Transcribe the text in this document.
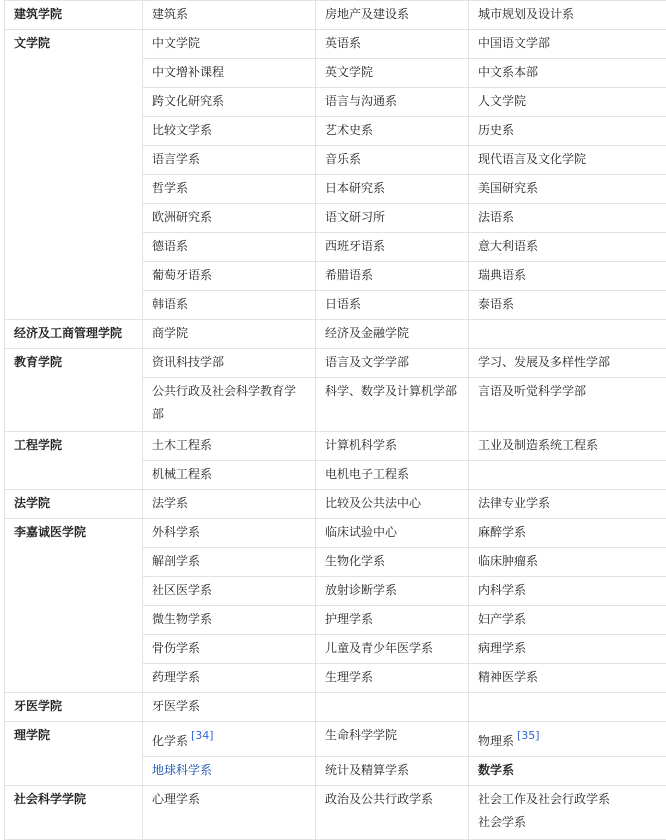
建筑学院	建筑系	房地产及建设系	城市规划及设计系
文学院	中文学院	英语系	中国语文学部
	中文增补课程	英文学院	中文系本部
	跨文化研究系	语言与沟通系	人文学院
	比较文学系	艺术史系	历史系
	语言学系	音乐系	现代语言及文化学院
	哲学系	日本研究系	美国研究系
	欧洲研究系	语文研习所	法语系
	德语系	西班牙语系	意大利语系
	葡萄牙语系	希腊语系	瑞典语系
	韩语系	日语系	泰语系
经济及工商管理学院	商学院	经济及金融学院	
教育学院	资讯科技学部	语言及文学学部	学习、发展及多样性学部
	公共行政及社会科学教育学部	科学、数学及计算机学部	言语及听觉科学学部
工程学院	土木工程系	计算机科学系	工业及制造系统工程系
	机械工程系	电机电子工程系	
法学院	法学系	比较及公共法中心	法律专业学系
李嘉诚医学院	外科学系	临床试验中心	麻醉学系
	解剖学系	生物化学系	临床肿瘤系
	社区医学系	放射诊断学系	内科学系
	微生物学系	护理学系	妇产学系
	骨伤学系	儿童及青少年医学系	病理学系
	药理学系	生理学系	精神医学系
牙医学院	牙医学系		
理学院	化学系 [34]	生命科学学院	物理系 [35]
	地球科学系	统计及精算学系	数学系
社会科学学院	心理学系	政治及公共行政学系	社会工作及社会行政学系
社会学系
